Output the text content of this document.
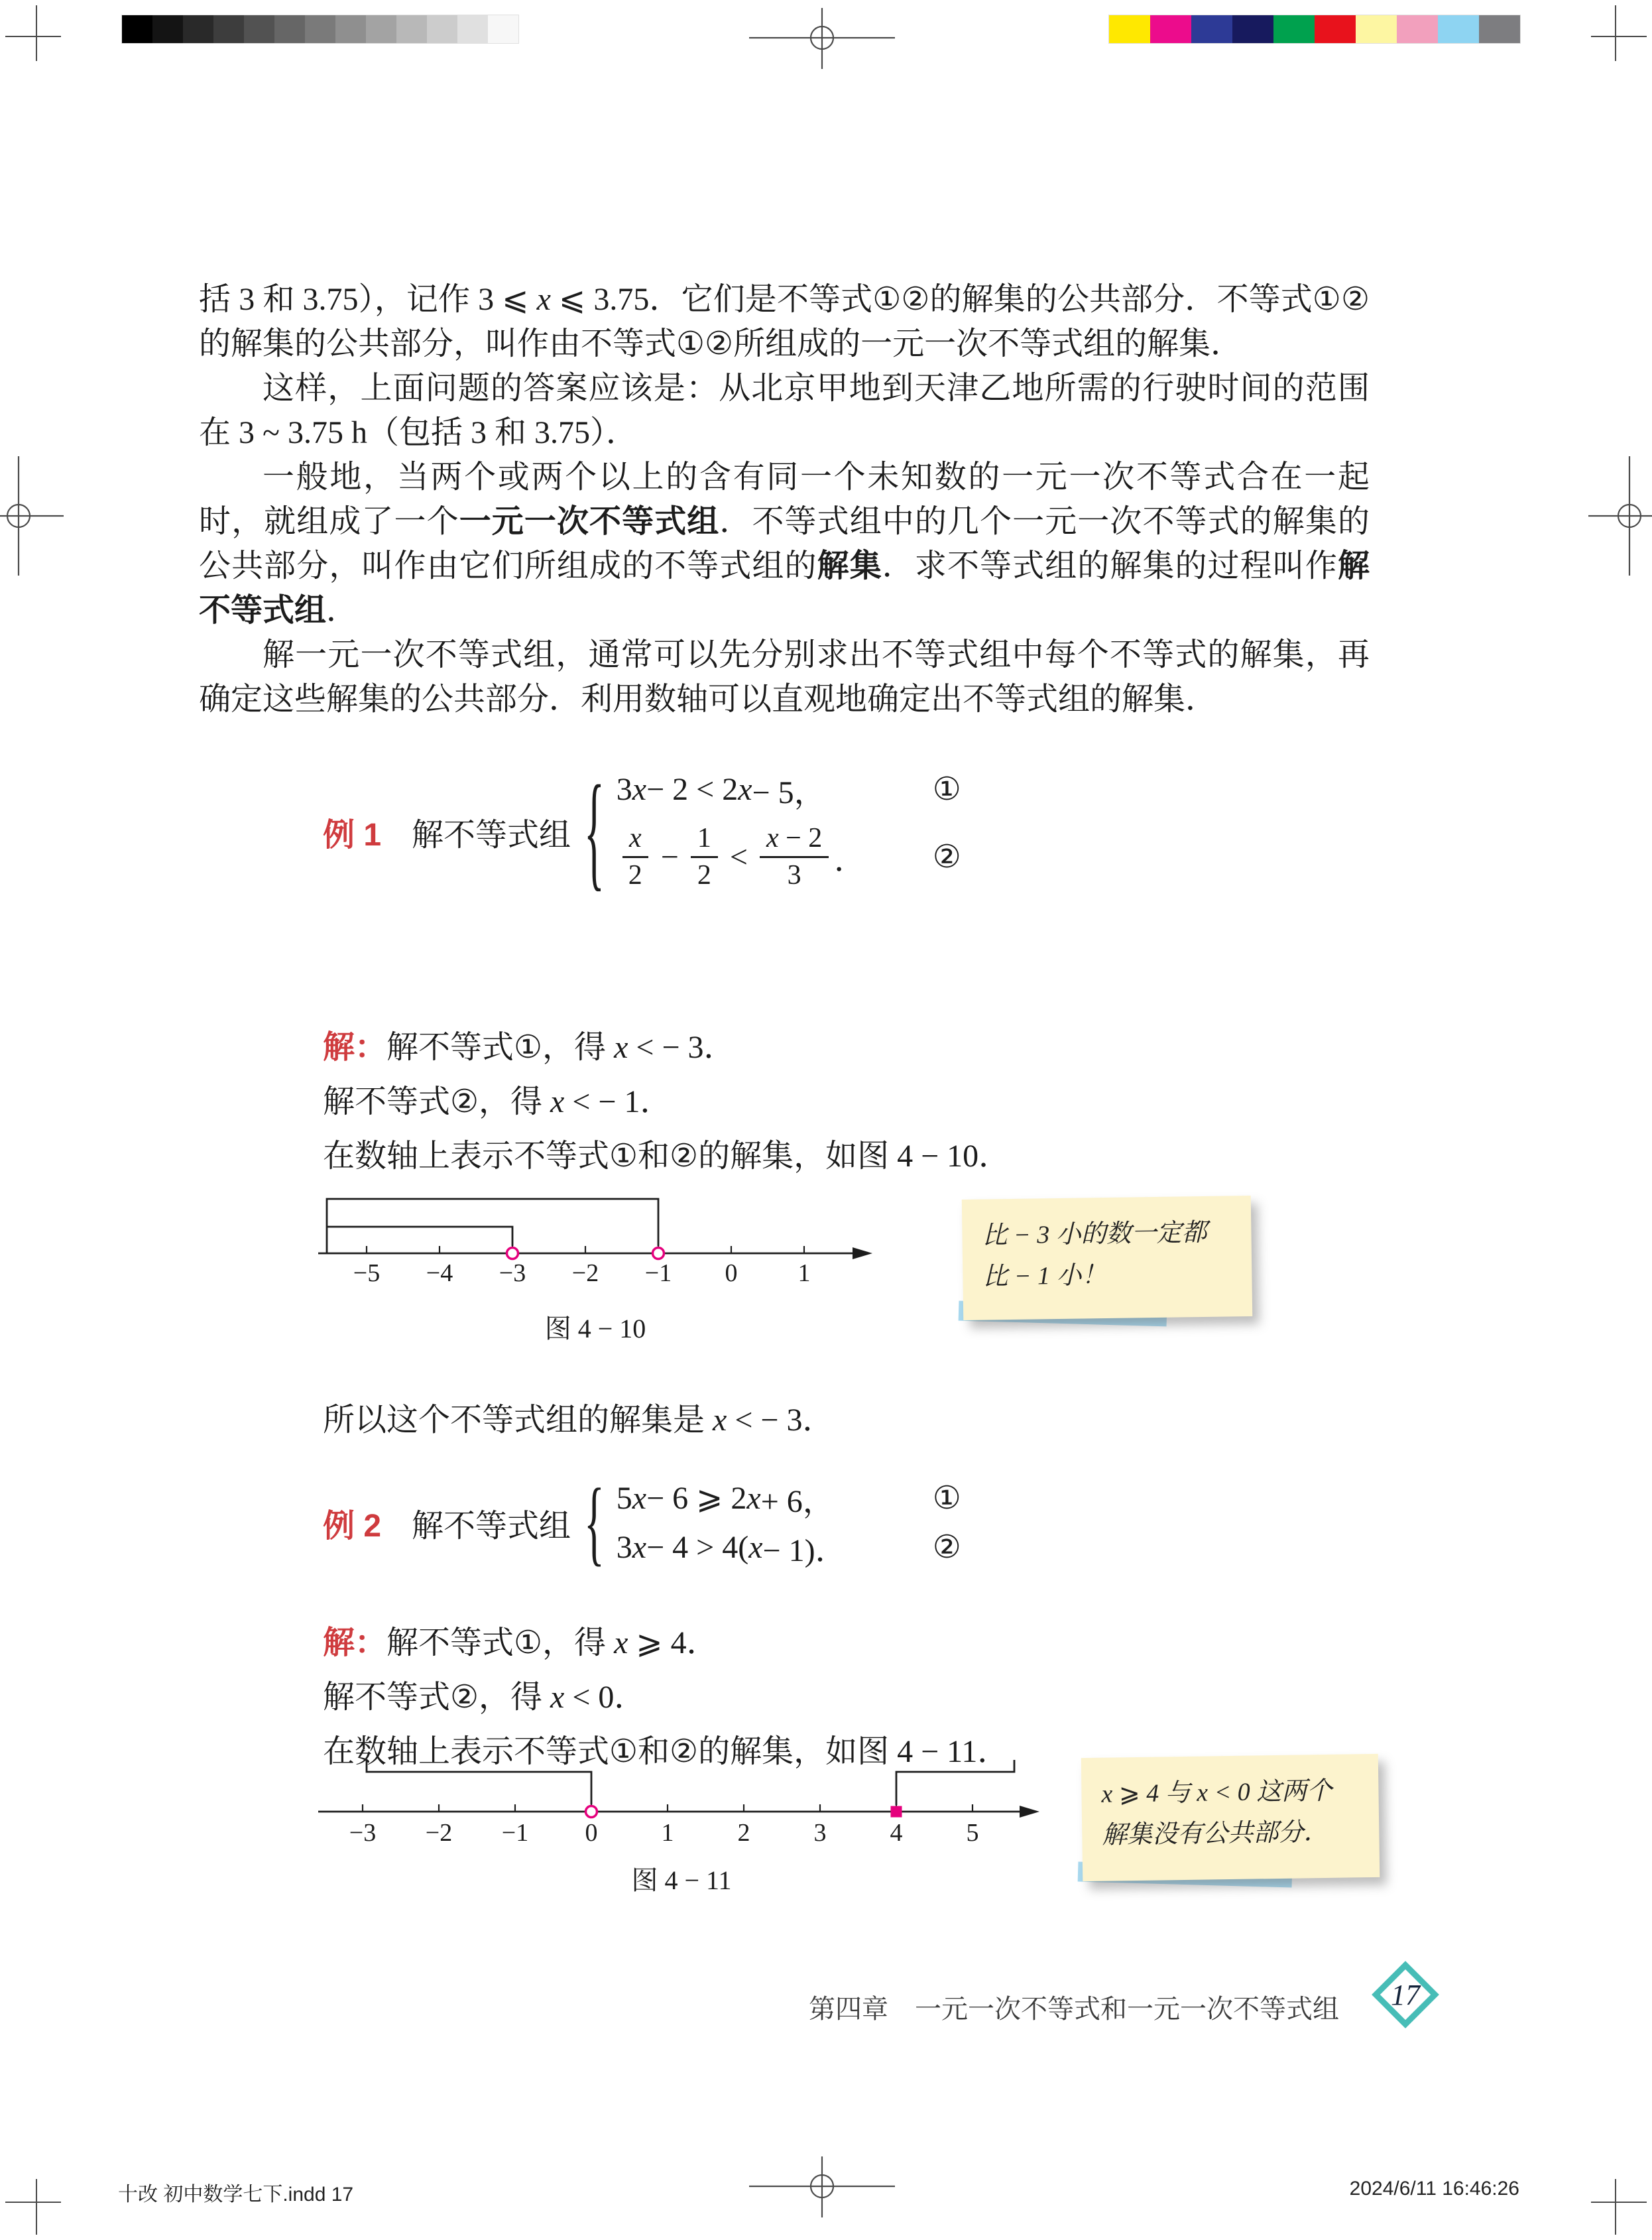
括 3 和 3.75），记作 3 ⩽ x ⩽ 3.75．它们是不等式①②的解集的公共部分．不等式①②的解集的公共部分，叫作由不等式①②所组成的一元一次不等式组的解集．

这样，上面问题的答案应该是：从北京甲地到天津乙地所需的行驶时间的范围在 3 ~ 3.75 h（包括 3 和 3.75）．

一般地，当两个或两个以上的含有同一个未知数的一元一次不等式合在一起时，就组成了一个一元一次不等式组．不等式组中的几个一元一次不等式的解集的公共部分，叫作由它们所组成的不等式组的解集．求不等式组的解集的过程叫作解不等式组．

解一元一次不等式组，通常可以先分别求出不等式组中每个不等式的解集，再确定这些解集的公共部分．利用数轴可以直观地确定出不等式组的解集．

例 1 解不等式组 { 3 x − 2 < 2 x − 5，	①
$\frac{x}{2} - \frac{1}{2} < \frac{x - 2}{3}$ ． ②
解：解不等式①，得 x < − 3．
解不等式②，得 x < − 1．
在数轴上表示不等式①和②的解集，如图 4 − 10．
−5 −4 −3 −2 −1 0 1
图 4 − 10
比 − 3 小的数一定都
比 − 1 小！
所以这个不等式组的解集是 x < − 3．
例 2 解不等式组 { 5 x − 6 ⩾ 2 x + 6，	①
3 x − 4 > 4( x − 1)．	②
解：解不等式①，得 x ⩾ 4．
解不等式②，得 x < 0．
在数轴上表示不等式①和②的解集，如图 4 − 11．
−3 −2 −1 0	1	2	3	4	5
图 4 − 11
x ⩾ 4 与 x < 0 这两个
解集没有公共部分．
第四章　一元一次不等式和一元一次不等式组 17
十改 初中数学七下.indd 17	2024/6/11 16:46:26
